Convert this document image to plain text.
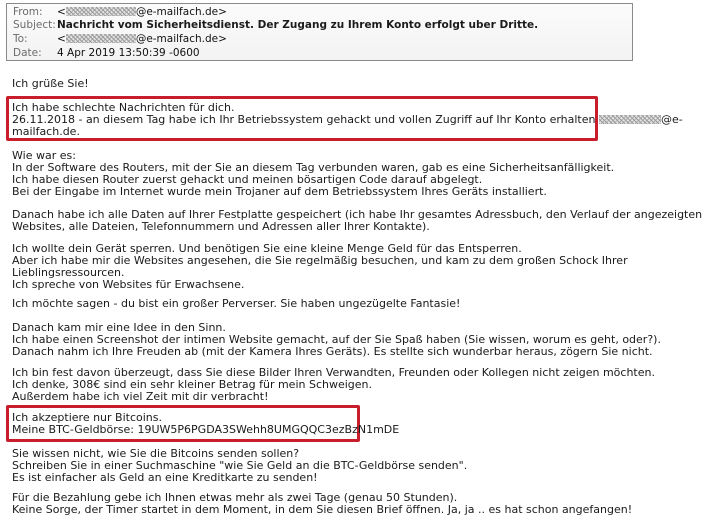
From: <	@e-mailfach.de>
Subject:Nachricht vom Sicherheitsdienst. Der Zugang zu Ihrem Konto erfolgt uber Dritte.
To:	<	@e-mailfach.de>
Date: 4 Apr 2019 13:50:39 -0600
Ich grüße Sie!
Ich habe schlechte Nachrichten für dich.
26.11.2018 - an diesem Tag habe ich Ihr Betriebssystem gehackt und vollen Zugriff auf Ihr Konto erhalten	@e-
mailfach.de.
Wie war es:
In der Software des Routers, mit der Sie an diesem Tag verbunden waren, gab es eine Sicherheitsanfälligkeit.
Ich habe diesen Router zuerst gehackt und meinen bösartigen Code darauf abgelegt.
Bei der Eingabe im Internet wurde mein Trojaner auf dem Betriebssystem Ihres Geräts installiert.
Danach habe ich alle Daten auf Ihrer Festplatte gespeichert (ich habe Ihr gesamtes Adressbuch, den Verlauf der angezeigten
Websites, alle Dateien, Telefonnummern und Adressen aller Ihrer Kontakte).
Ich wollte dein Gerät sperren. Und benötigen Sie eine kleine Menge Geld für das Entsperren.
Aber ich habe mir die Websites angesehen, die Sie regelmäßig besuchen, und kam zu dem großen Schock Ihrer
Lieblingsressourcen.
Ich spreche von Websites für Erwachsene.
Ich möchte sagen - du bist ein großer Perverser. Sie haben ungezügelte Fantasie!
Danach kam mir eine Idee in den Sinn.
Ich habe einen Screenshot der intimen Website gemacht, auf der Sie Spaß haben (Sie wissen, worum es geht, oder?).
Danach nahm ich Ihre Freuden ab (mit der Kamera Ihres Geräts). Es stellte sich wunderbar heraus, zögern Sie nicht.
Ich bin fest davon überzeugt, dass Sie diese Bilder Ihren Verwandten, Freunden oder Kollegen nicht zeigen möchten.
Ich denke, 308€ sind ein sehr kleiner Betrag für mein Schweigen.
Außerdem habe ich viel Zeit mit dir verbracht!
Ich akzeptiere nur Bitcoins.
Meine BTC-Geldbörse: 19UW5P6PGDA3SWehh8UMGQQC3ezBzN1mDE
Sie wissen nicht, wie Sie die Bitcoins senden sollen?
Schreiben Sie in einer Suchmaschine "wie Sie Geld an die BTC-Geldbörse senden".
Es ist einfacher als Geld an eine Kreditkarte zu senden!
Für die Bezahlung gebe ich Ihnen etwas mehr als zwei Tage (genau 50 Stunden).
Keine Sorge, der Timer startet in dem Moment, in dem Sie diesen Brief öffnen. Ja, ja .. es hat schon angefangen!
